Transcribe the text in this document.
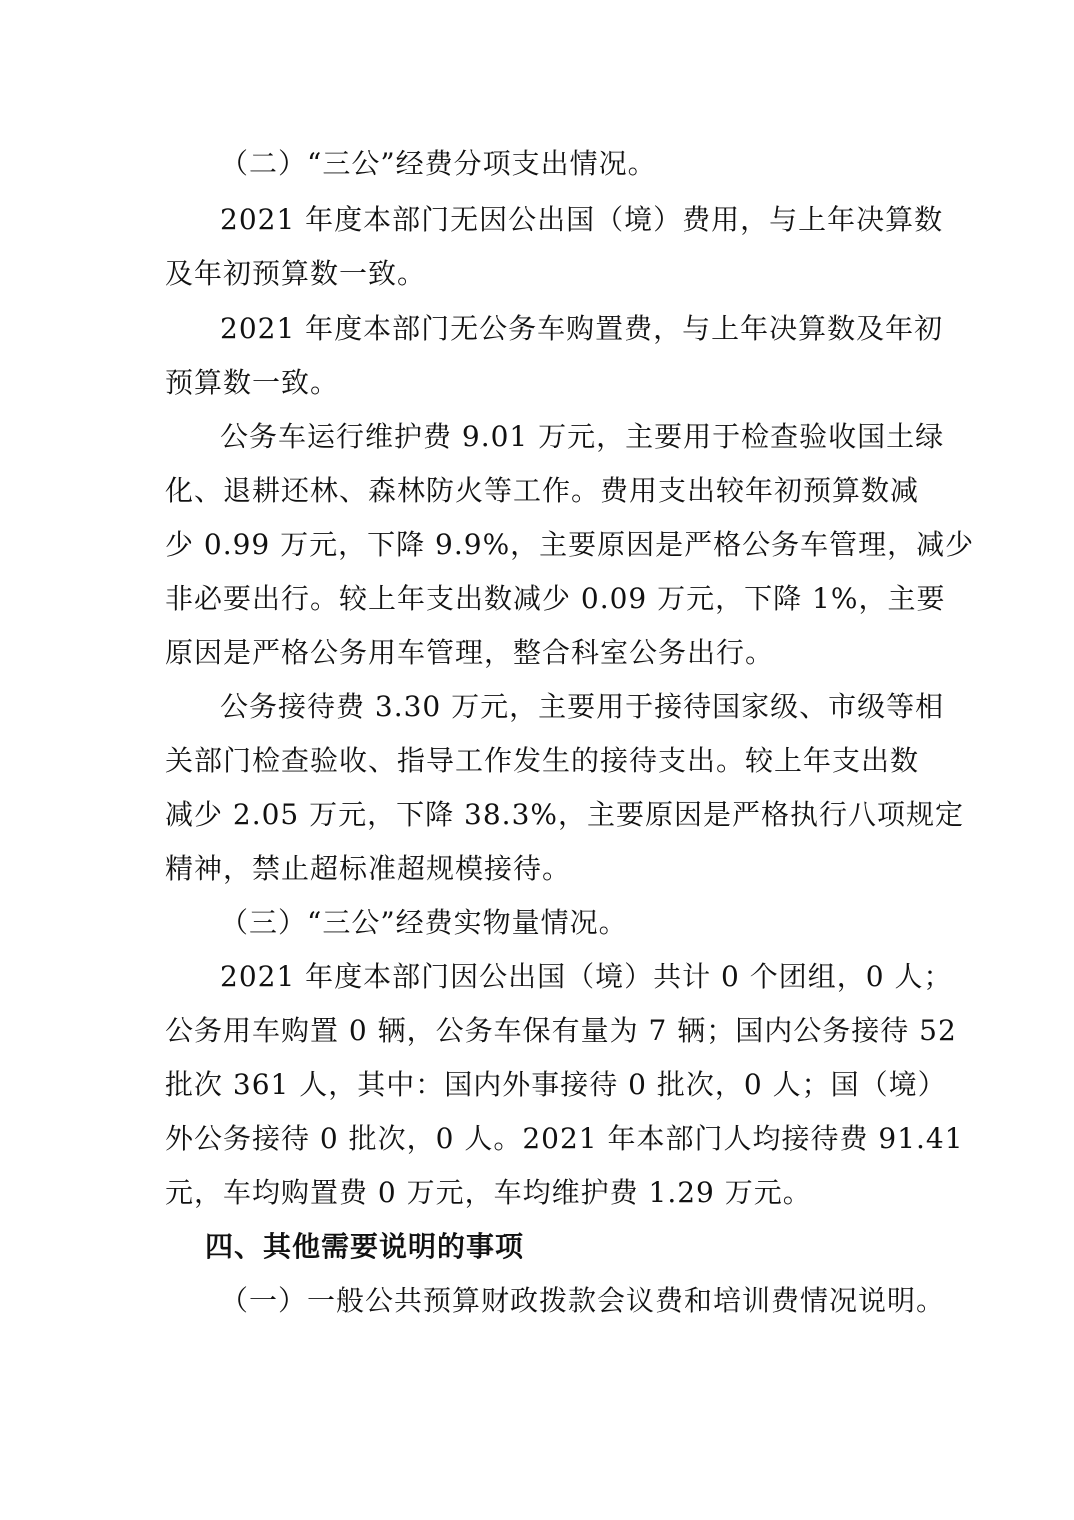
（二）“三公”经费分项支出情况。
2021 年度本部门无因公出国（境）费用，与上年决算数
及年初预算数一致。
2021 年度本部门无公务车购置费，与上年决算数及年初
预算数一致。
公务车运行维护费 9.01 万元，主要用于检查验收国土绿
化、退耕还林、森林防火等工作。费用支出较年初预算数减
少 0.99 万元，下降 9.9%，主要原因是严格公务车管理，减少
非必要出行。较上年支出数减少 0.09 万元，下降 1%，主要
原因是严格公务用车管理，整合科室公务出行。
公务接待费 3.30 万元，主要用于接待国家级、市级等相
关部门检查验收、指导工作发生的接待支出。较上年支出数
减少 2.05 万元，下降 38.3%，主要原因是严格执行八项规定
精神，禁止超标准超规模接待。
（三）“三公”经费实物量情况。
2021 年度本部门因公出国（境）共计 0 个团组，0 人；
公务用车购置 0 辆，公务车保有量为 7 辆；国内公务接待 52
批次 361 人，其中：国内外事接待 0 批次，0 人；国（境）
外公务接待 0 批次，0 人。2021 年本部门人均接待费 91.41
元，车均购置费 0 万元，车均维护费 1.29 万元。
四、其他需要说明的事项
（一）一般公共预算财政拨款会议费和培训费情况说明。
